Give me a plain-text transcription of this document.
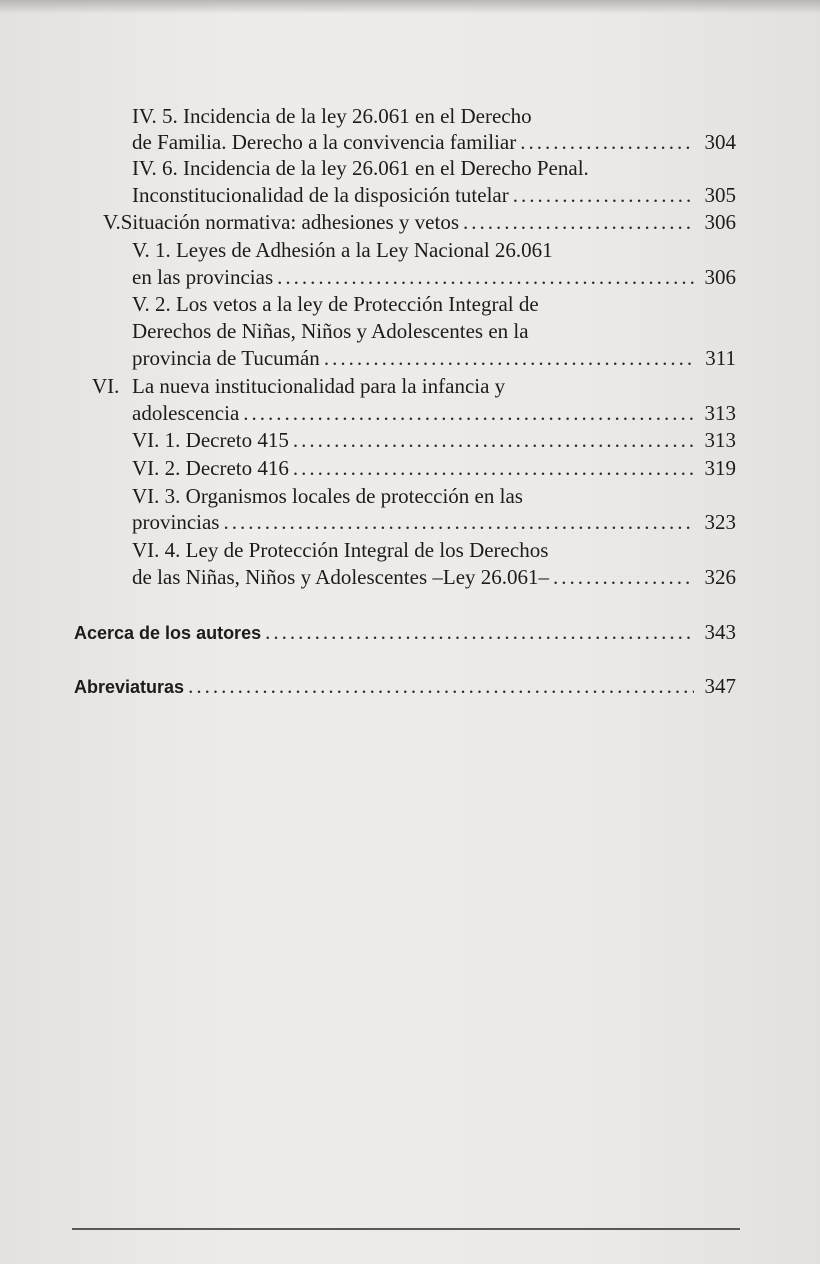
IV. 5.
Incidencia de la ley 26.061 en el Derecho
de Familia. Derecho a la convivencia familiar .....	304
IV. 6.
Incidencia de la ley 26.061 en el Derecho Penal.
Inconstitucionalidad de la disposición tutelar .....	305
V. Situación normativa: adhesiones y vetos .....	306
V. 1.
Leyes de Adhesión a la Ley Nacional 26.061
en las provincias .....	306
V. 2.
Los vetos a la ley de Protección Integral de
Derechos de Niñas, Niños y Adolescentes en la
provincia de Tucumán .....	311
VI. La nueva institucionalidad para la infancia y
adolescencia .....	313
VI. 1.
Decreto 415 .....	313
VI. 2.
Decreto 416 .....	319
VI. 3.
Organismos locales de protección en las
provincias .....	323
VI. 4.
Ley de Protección Integral de los Derechos
de las Niñas, Niños y Adolescentes –Ley 26.061– .....	326
Acerca de los autores .....	343
Abreviaturas .....	347
